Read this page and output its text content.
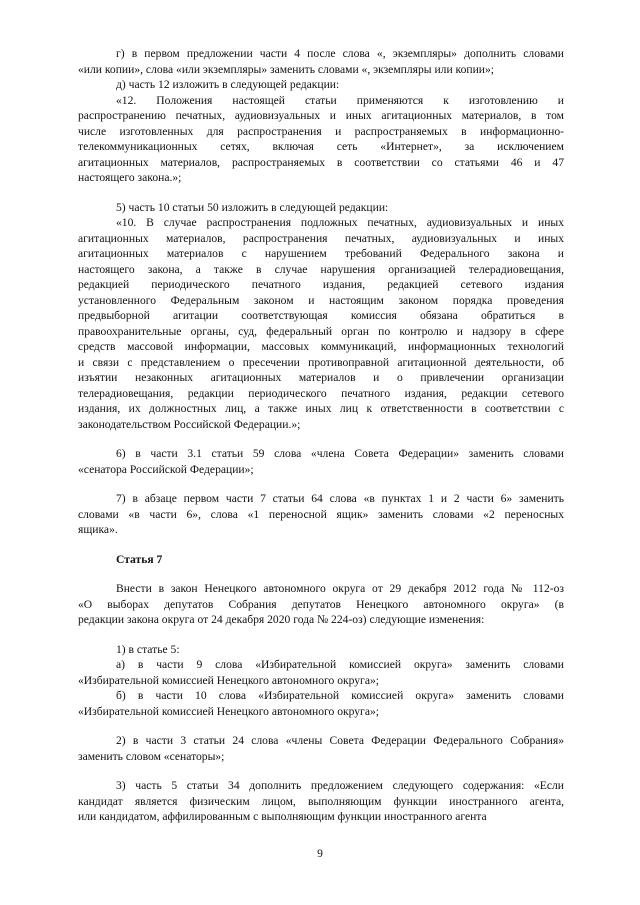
г) в первом предложении части 4 после слова «, экземпляры» дополнить словами
«или копии», слова «или экземпляры» заменить словами «, экземпляры или копии»;
д) часть 12 изложить в следующей редакции:
«12. Положения настоящей статьи применяются к изготовлению и
распространению печатных, аудиовизуальных и иных агитационных материалов, в том
числе изготовленных для распространения и распространяемых в информационно-
телекоммуникационных сетях, включая сеть «Интернет», за исключением
агитационных материалов, распространяемых в соответствии со статьями 46 и 47
настоящего закона.»;
5) часть 10 статьи 50 изложить в следующей редакции:
«10. В случае распространения подложных печатных, аудиовизуальных и иных
агитационных материалов, распространения печатных, аудиовизуальных и иных
агитационных материалов с нарушением требований Федерального закона и
настоящего закона, а также в случае нарушения организацией телерадиовещания,
редакцией периодического печатного издания, редакцией сетевого издания
установленного Федеральным законом и настоящим законом порядка проведения
предвыборной агитации соответствующая комиссия обязана обратиться в
правоохранительные органы, суд, федеральный орган по контролю и надзору в сфере
средств массовой информации, массовых коммуникаций, информационных технологий
и связи с представлением о пресечении противоправной агитационной деятельности, об
изъятии незаконных агитационных материалов и о привлечении организации
телерадиовещания, редакции периодического печатного издания, редакции сетевого
издания, их должностных лиц, а также иных лиц к ответственности в соответствии с
законодательством Российской Федерации.»;
6) в части 3.1 статьи 59 слова «члена Совета Федерации» заменить словами
«сенатора Российской Федерации»;
7) в абзаце первом части 7 статьи 64 слова «в пунктах 1 и 2 части 6» заменить
словами «в части 6», слова «1 переносной ящик» заменить словами «2 переносных
ящика».
Статья 7
Внести в закон Ненецкого автономного округа от 29 декабря 2012 года № 112-оз
«О выборах депутатов Собрания депутатов Ненецкого автономного округа» (в
редакции закона округа от 24 декабря 2020 года № 224-оз) следующие изменения:
1) в статье 5:
а) в части 9 слова «Избирательной комиссией округа» заменить словами
«Избирательной комиссией Ненецкого автономного округа»;
б) в части 10 слова «Избирательной комиссией округа» заменить словами
«Избирательной комиссией Ненецкого автономного округа»;
2) в части 3 статьи 24 слова «члены Совета Федерации Федерального Собрания»
заменить словом «сенаторы»;
3) часть 5 статьи 34 дополнить предложением следующего содержания: «Если
кандидат является физическим лицом, выполняющим функции иностранного агента,
или кандидатом, аффилированным с выполняющим функции иностранного агента
9
